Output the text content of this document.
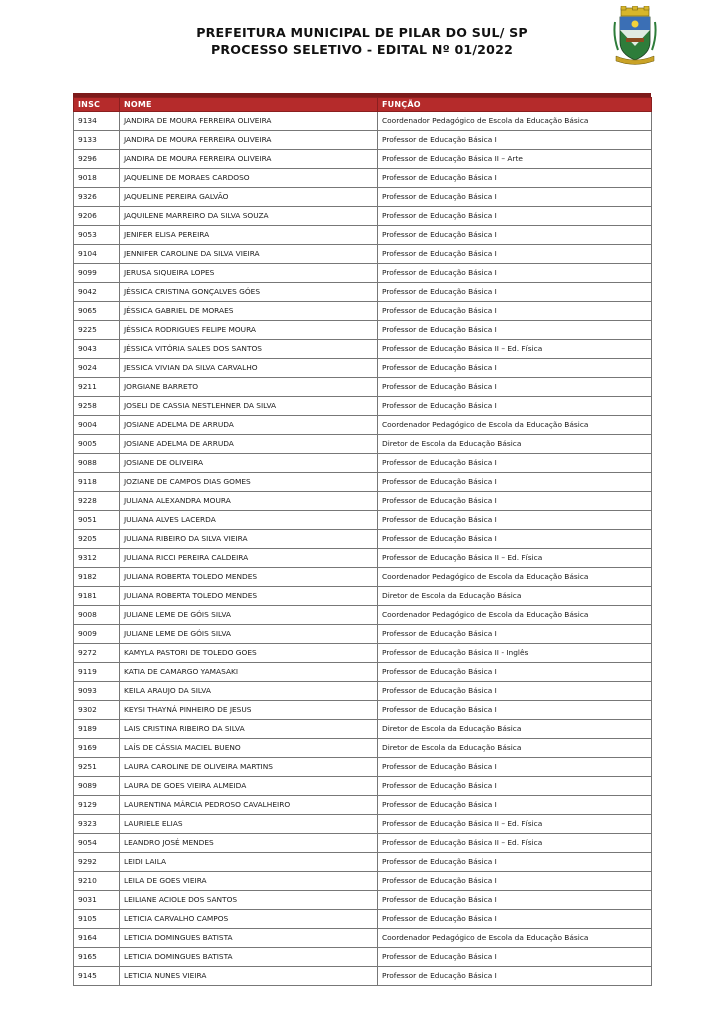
PREFEITURA MUNICIPAL DE PILAR DO SUL/ SP
PROCESSO SELETIVO - EDITAL Nº 01/2022
INSC	NOME	FUNÇÃO
9134	JANDIRA DE MOURA FERREIRA OLIVEIRA	Coordenador Pedagógico de Escola da Educação Básica
9133	JANDIRA DE MOURA FERREIRA OLIVEIRA	Professor de Educação Básica I
9296	JANDIRA DE MOURA FERREIRA OLIVEIRA	Professor de Educação Básica II – Arte
9018	JAQUELINE DE MORAES CARDOSO	Professor de Educação Básica I
9326	JAQUELINE PEREIRA GALVÃO	Professor de Educação Básica I
9206	JAQUILENE MARREIRO DA SILVA SOUZA	Professor de Educação Básica I
9053	JENIFER ELISA PEREIRA	Professor de Educação Básica I
9104	JENNIFER CAROLINE DA SILVA VIEIRA	Professor de Educação Básica I
9099	JERUSA SIQUEIRA LOPES	Professor de Educação Básica I
9042	JÉSSICA CRISTINA GONÇALVES GÓES	Professor de Educação Básica I
9065	JÉSSICA GABRIEL DE MORAES	Professor de Educação Básica I
9225	JÉSSICA RODRIGUES FELIPE MOURA	Professor de Educação Básica I
9043	JÉSSICA VITÓRIA SALES DOS SANTOS	Professor de Educação Básica II – Ed. Física
9024	JESSICA VIVIAN DA SILVA CARVALHO	Professor de Educação Básica I
9211	JORGIANE BARRETO	Professor de Educação Básica I
9258	JOSELI DE CASSIA NESTLEHNER DA SILVA	Professor de Educação Básica I
9004	JOSIANE ADELMA DE ARRUDA	Coordenador Pedagógico de Escola da Educação Básica
9005	JOSIANE ADELMA DE ARRUDA	Diretor de Escola da Educação Básica
9088	JOSIANE DE OLIVEIRA	Professor de Educação Básica I
9118	JOZIANE DE CAMPOS DIAS GOMES	Professor de Educação Básica I
9228	JULIANA ALEXANDRA MOURA	Professor de Educação Básica I
9051	JULIANA ALVES LACERDA	Professor de Educação Básica I
9205	JULIANA RIBEIRO DA SILVA VIEIRA	Professor de Educação Básica I
9312	JULIANA RICCI PEREIRA CALDEIRA	Professor de Educação Básica II – Ed. Física
9182	JULIANA ROBERTA TOLEDO MENDES	Coordenador Pedagógico de Escola da Educação Básica
9181	JULIANA ROBERTA TOLEDO MENDES	Diretor de Escola da Educação Básica
9008	JULIANE LEME DE GÓIS SILVA	Coordenador Pedagógico de Escola da Educação Básica
9009	JULIANE LEME DE GÓIS SILVA	Professor de Educação Básica I
9272	KAMYLA PASTORI DE TOLEDO GOES	Professor de Educação Básica II - Inglês
9119	KATIA DE CAMARGO YAMASAKI	Professor de Educação Básica I
9093	KEILA ARAUJO DA SILVA	Professor de Educação Básica I
9302	KEYSI THAYNÁ PINHEIRO DE JESUS	Professor de Educação Básica I
9189	LAIS CRISTINA RIBEIRO DA SILVA	Diretor de Escola da Educação Básica
9169	LAÍS DE CÁSSIA MACIEL BUENO	Diretor de Escola da Educação Básica
9251	LAURA CAROLINE DE OLIVEIRA MARTINS	Professor de Educação Básica I
9089	LAURA DE GOES VIEIRA ALMEIDA	Professor de Educação Básica I
9129	LAURENTINA MÁRCIA PEDROSO CAVALHEIRO	Professor de Educação Básica I
9323	LAURIELE ELIAS	Professor de Educação Básica II – Ed. Física
9054	LEANDRO JOSÉ MENDES	Professor de Educação Básica II – Ed. Física
9292	LEIDI LAILA	Professor de Educação Básica I
9210	LEILA DE GOES VIEIRA	Professor de Educação Básica I
9031	LEILIANE ACIOLE DOS SANTOS	Professor de Educação Básica I
9105	LETICIA CARVALHO CAMPOS	Professor de Educação Básica I
9164	LETICIA DOMINGUES BATISTA	Coordenador Pedagógico de Escola da Educação Básica
9165	LETICIA DOMINGUES BATISTA	Professor de Educação Básica I
9145	LETICIA NUNES VIEIRA	Professor de Educação Básica I
